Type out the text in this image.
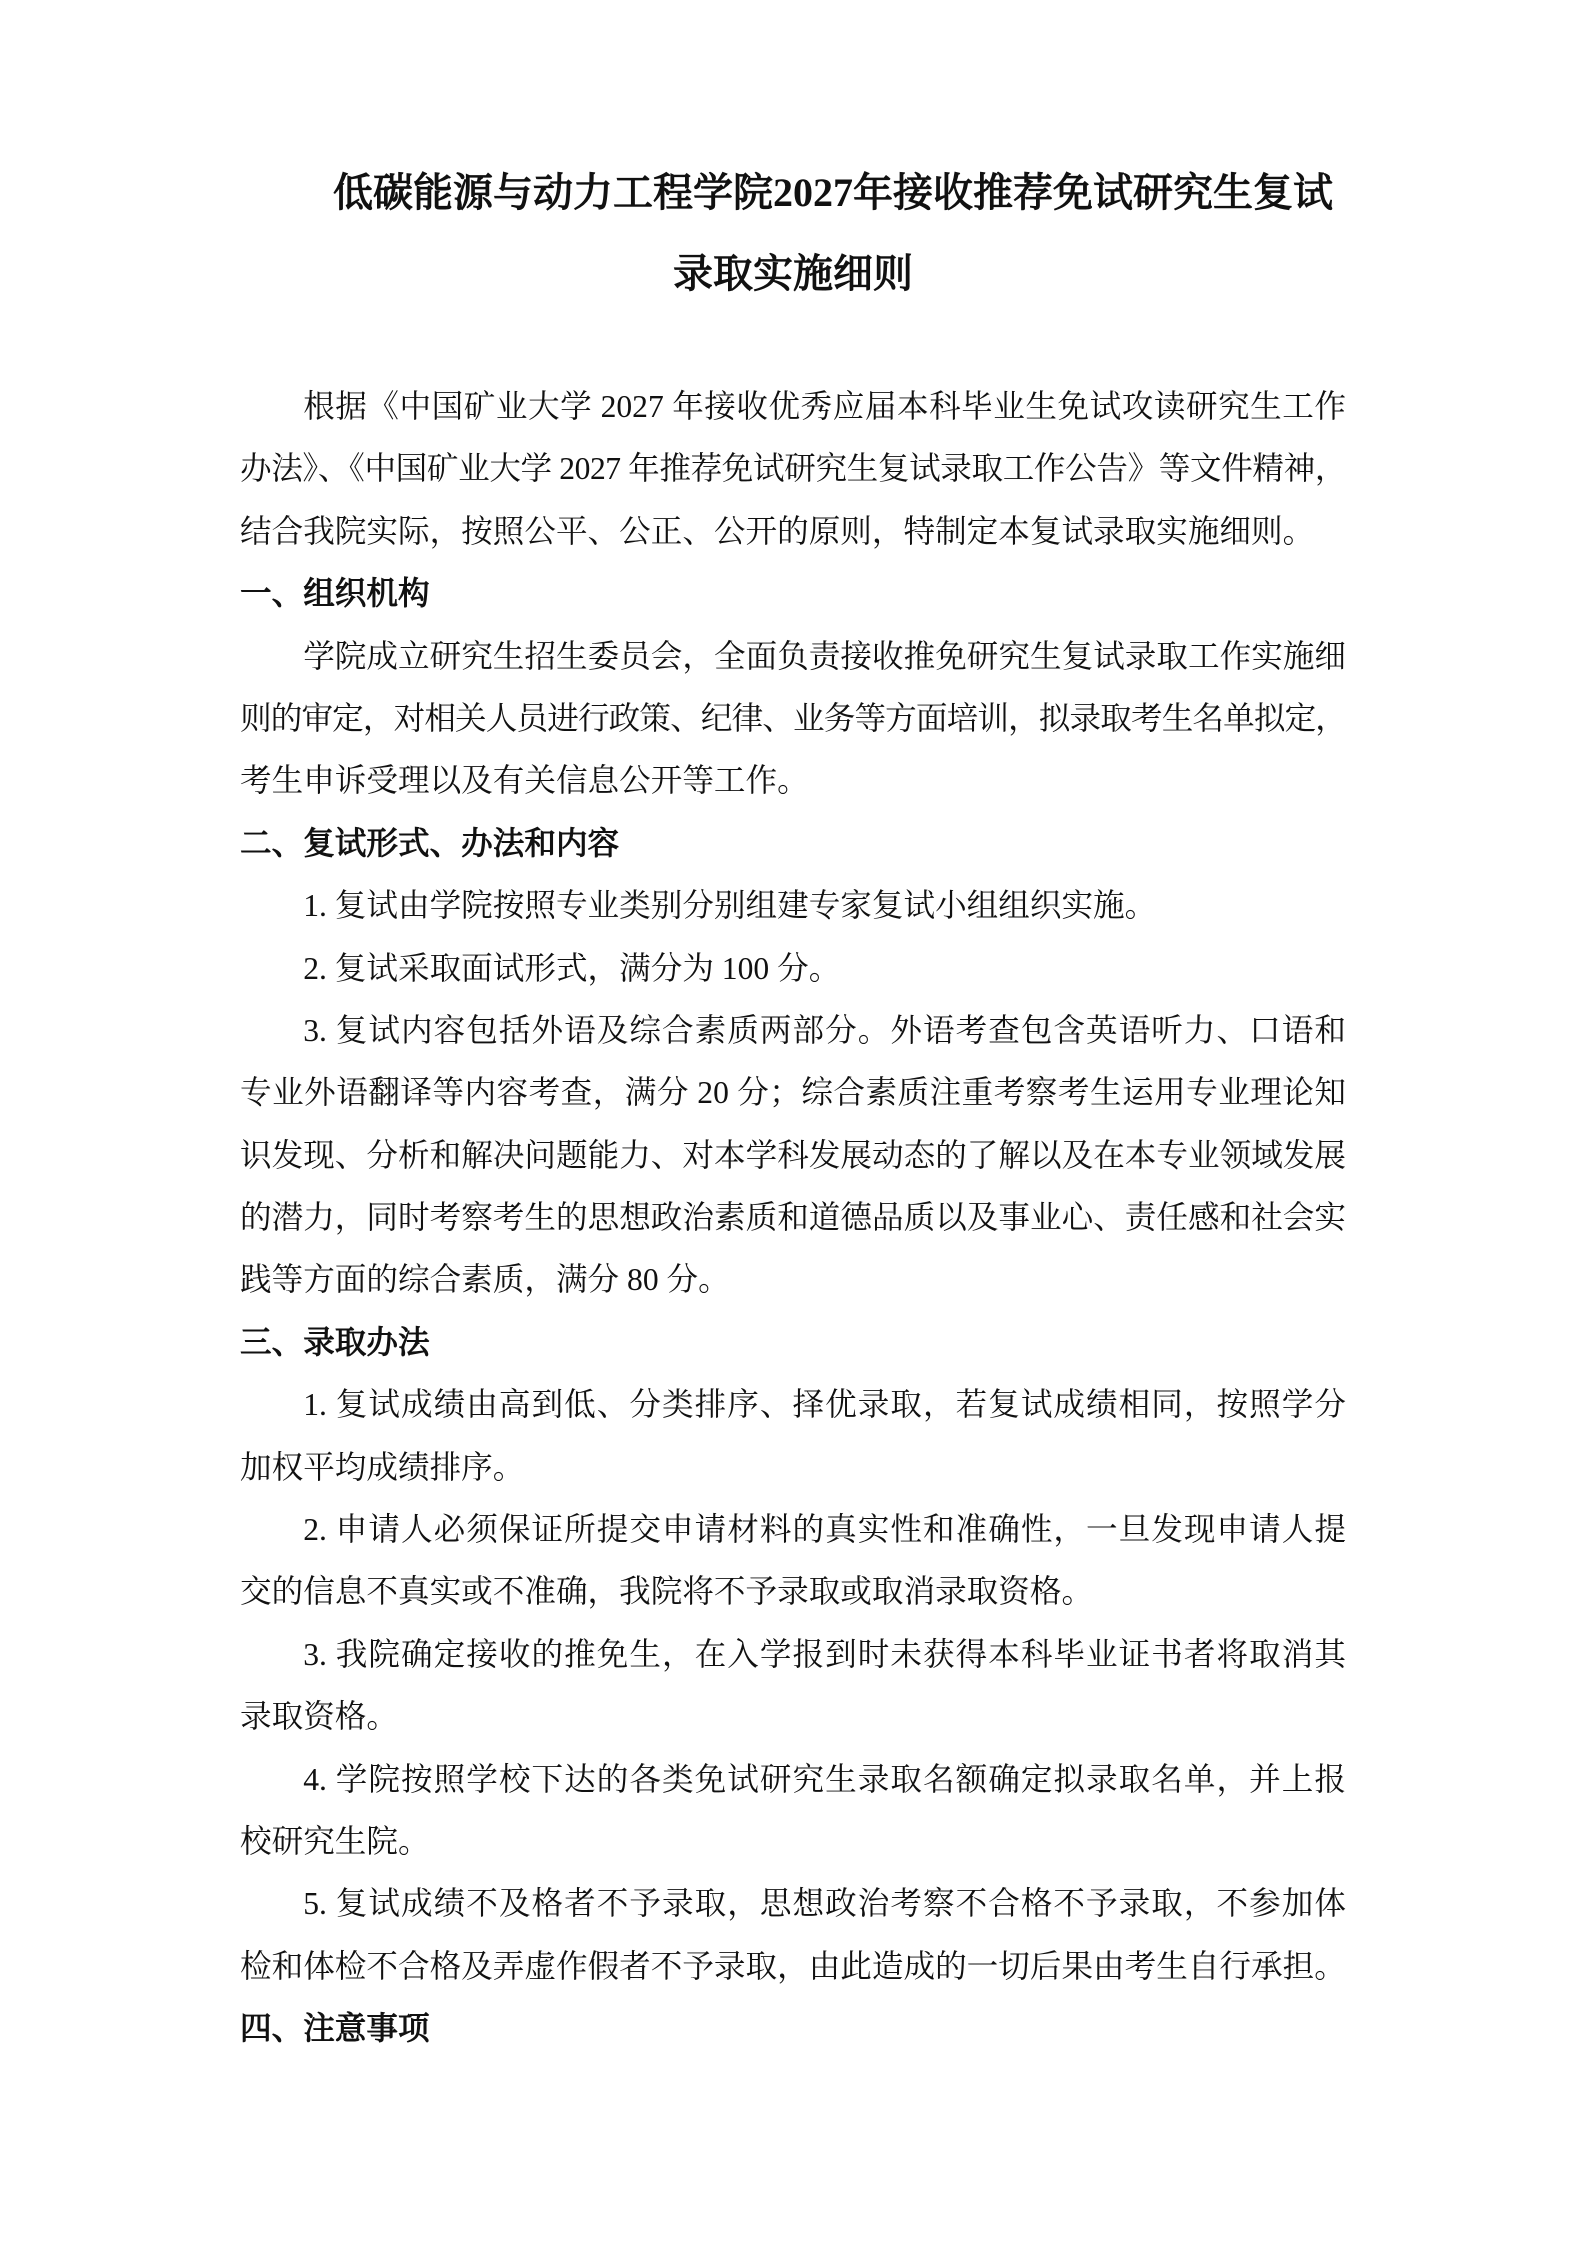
低碳能源与动力工程学院2027年接收推荐免试研究生复试
录取实施细则
根据《中国矿业大学 2027 年接收优秀应届本科毕业生免试攻读研究生工作
办法》、《中国矿业大学 2027 年推荐免试研究生复试录取工作公告》等文件精神，
结合我院实际，按照公平、公正、公开的原则，特制定本复试录取实施细则。
一、组织机构
学院成立研究生招生委员会，全面负责接收推免研究生复试录取工作实施细
则的审定，对相关人员进行政策、纪律、业务等方面培训，拟录取考生名单拟定，
考生申诉受理以及有关信息公开等工作。
二、复试形式、办法和内容
1. 复试由学院按照专业类别分别组建专家复试小组组织实施。
2. 复试采取面试形式，满分为 100 分。
3. 复试内容包括外语及综合素质两部分。外语考查包含英语听力、口语和
专业外语翻译等内容考查，满分 20 分；综合素质注重考察考生运用专业理论知
识发现、分析和解决问题能力、对本学科发展动态的了解以及在本专业领域发展
的潜力，同时考察考生的思想政治素质和道德品质以及事业心、责任感和社会实
践等方面的综合素质，满分 80 分。
三、录取办法
1. 复试成绩由高到低、分类排序、择优录取，若复试成绩相同，按照学分
加权平均成绩排序。
2. 申请人必须保证所提交申请材料的真实性和准确性，一旦发现申请人提
交的信息不真实或不准确，我院将不予录取或取消录取资格。
3. 我院确定接收的推免生，在入学报到时未获得本科毕业证书者将取消其
录取资格。
4. 学院按照学校下达的各类免试研究生录取名额确定拟录取名单，并上报
校研究生院。
5. 复试成绩不及格者不予录取，思想政治考察不合格不予录取，不参加体
检和体检不合格及弄虚作假者不予录取，由此造成的一切后果由考生自行承担。
四、注意事项
